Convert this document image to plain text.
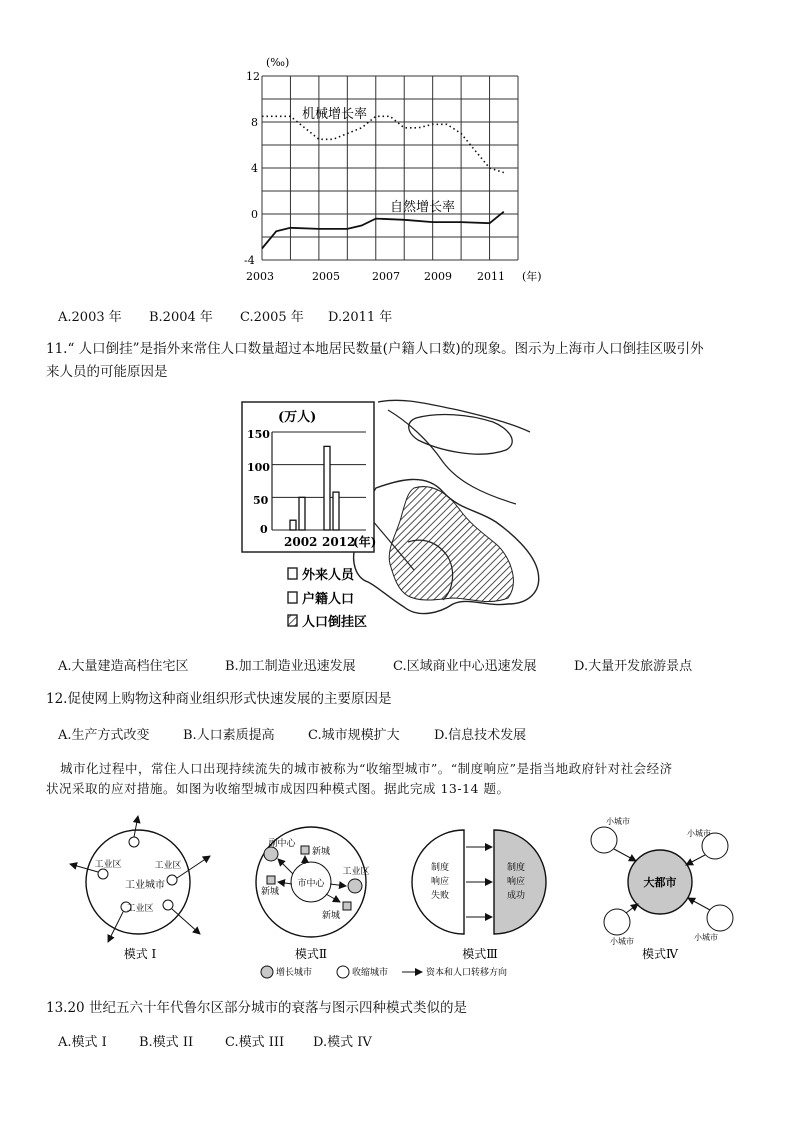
(‰)
12
8
4
0
-4
2003	2005	2007 2009 2011 (年)
机械增长率
自然增长率
A.2003 年 B.2004 年 C.2005 年 D.2011 年
11.“ 人口倒挂”是指外来常住人口数量超过本地居民数量(户籍人口数)的现象。图示为上海市人口倒挂区吸引外
来人员的可能原因是
(万人)
150
100
50
0
2002 2012
(年)
外来人员
户籍人口
人口倒挂区
A.大量建造高档住宅区	B.加工制造业迅速发展	C.区域商业中心迅速发展	D.大量开发旅游景点
12.促使网上购物这种商业组织形式快速发展的主要原因是
A.生产方式改变	B.人口素质提高	C.城市规模扩大	D.信息技术发展
城市化过程中，常住人口出现持续流失的城市被称为“收缩型城市”。“制度响应”是指当地政府针对社会经济
状况采取的应对措施。如图为收缩型城市成因四种模式图。据此完成 13-14 题。
工业城市
工业区	工业区
工业区
模式 I
市中心
副中心
新城
新城
新城
工业区
模式Ⅱ
制度
响应
失败
制度
响应
成功
模式Ⅲ
大都市
小城市
小城市
小城市	小城市
模式Ⅳ
增长城市	收缩城市	资本和人口转移方向
13.20 世纪五六十年代鲁尔区部分城市的衰落与图示四种模式类似的是
A.模式 I B.模式 II C.模式 III D.模式 IV
